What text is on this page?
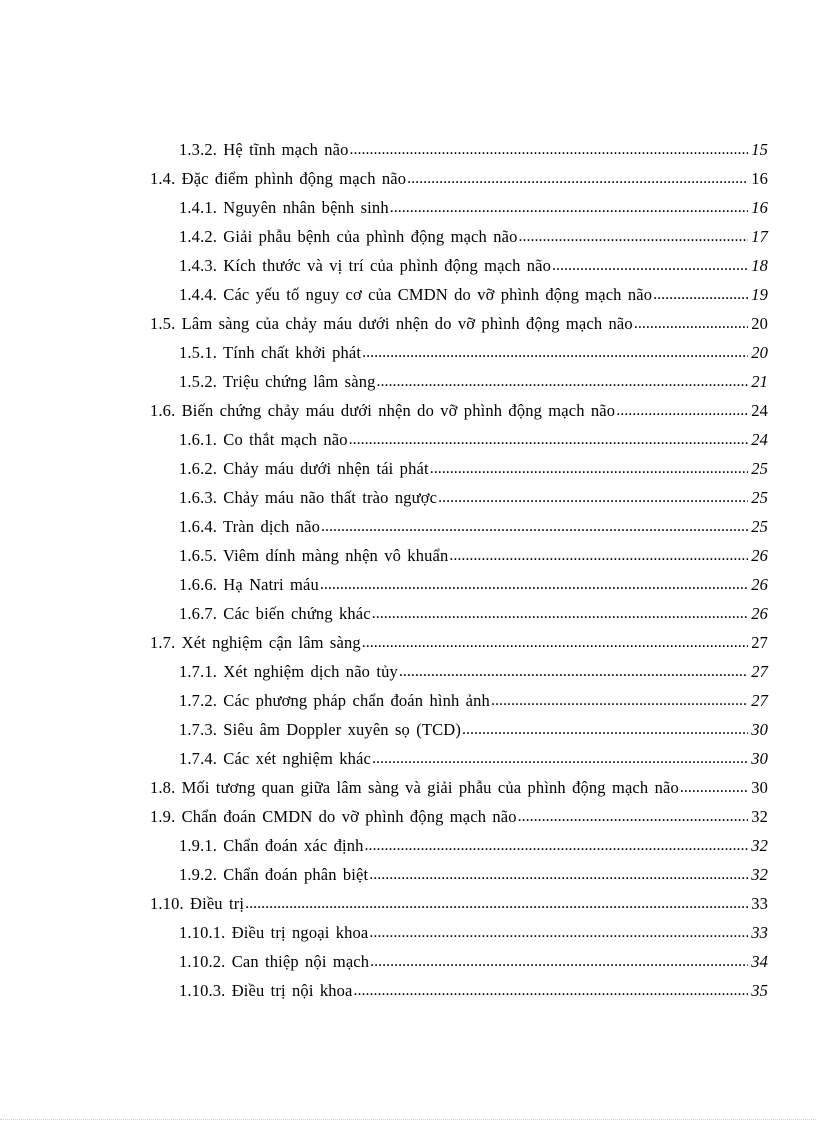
1.3.2. Hệ tĩnh mạch não .....	15
1.4. Đặc điểm phình động mạch não .....	16
1.4.1. Nguyên nhân bệnh sinh .....	16
1.4.2. Giải phẫu bệnh của phình động mạch não .....	17
1.4.3. Kích thước và vị trí của phình động mạch não .....	18
1.4.4. Các yếu tố nguy cơ của CMDN do vỡ phình động mạch não .....	19
1.5. Lâm sàng của chảy máu dưới nhện do vỡ phình động mạch não .....	20
1.5.1. Tính chất khởi phát .....	20
1.5.2. Triệu chứng lâm sàng .....	21
1.6. Biến chứng chảy máu dưới nhện do vỡ phình động mạch não .....	24
1.6.1. Co thắt mạch não .....	24
1.6.2. Chảy máu dưới nhện tái phát .....	25
1.6.3. Chảy máu não thất trào ngược .....	25
1.6.4. Tràn dịch não .....	25
1.6.5. Viêm dính màng nhện vô khuẩn .....	26
1.6.6. Hạ Natri máu .....	26
1.6.7. Các biến chứng khác .....	26
1.7. Xét nghiệm cận lâm sàng .....	27
1.7.1. Xét nghiệm dịch não tủy .....	27
1.7.2. Các phương pháp chẩn đoán hình ảnh .....	27
1.7.3. Siêu âm Doppler xuyên sọ (TCD) .....	30
1.7.4. Các xét nghiệm khác .....	30
1.8. Mối tương quan giữa lâm sàng và giải phẫu của phình động mạch não .....	30
1.9. Chẩn đoán CMDN do vỡ phình động mạch não .....	32
1.9.1. Chẩn đoán xác định .....	32
1.9.2. Chẩn đoán phân biệt .....	32
1.10. Điều trị .....	33
1.10.1. Điều trị ngoại khoa .....	33
1.10.2. Can thiệp nội mạch .....	34
1.10.3. Điều trị nội khoa .....	35
